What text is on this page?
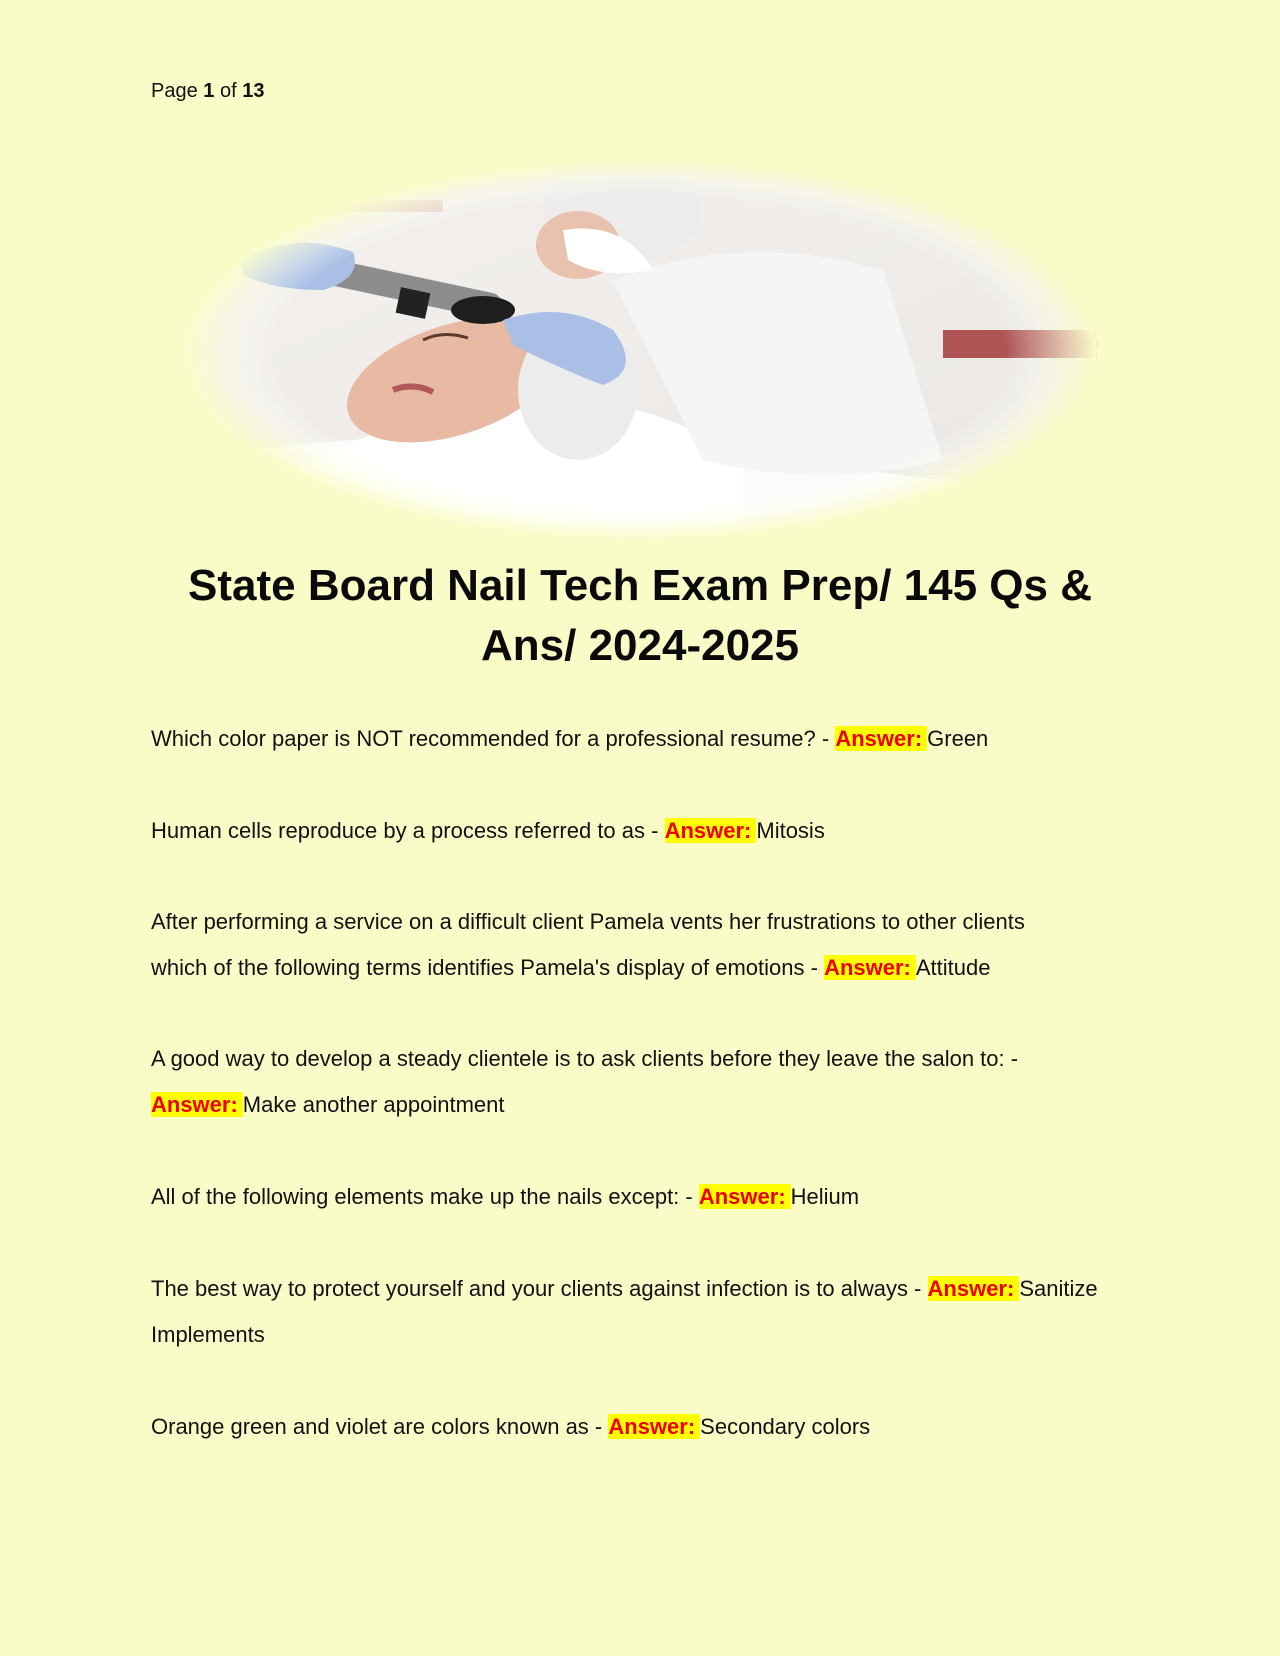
Page 1 of 13
State Board Nail Tech Exam Prep/ 145 Qs &
Ans/ 2024-2025
Which color paper is NOT recommended for a professional resume? - Answer: Green
Human cells reproduce by a process referred to as - Answer: Mitosis
After performing a service on a difficult client Pamela vents her frustrations to other clients
which of the following terms identifies Pamela's display of emotions - Answer: Attitude
A good way to develop a steady clientele is to ask clients before they leave the salon to: -
Answer: Make another appointment
All of the following elements make up the nails except: - Answer: Helium
The best way to protect yourself and your clients against infection is to always - Answer: Sanitize
Implements
Orange green and violet are colors known as - Answer: Secondary colors
